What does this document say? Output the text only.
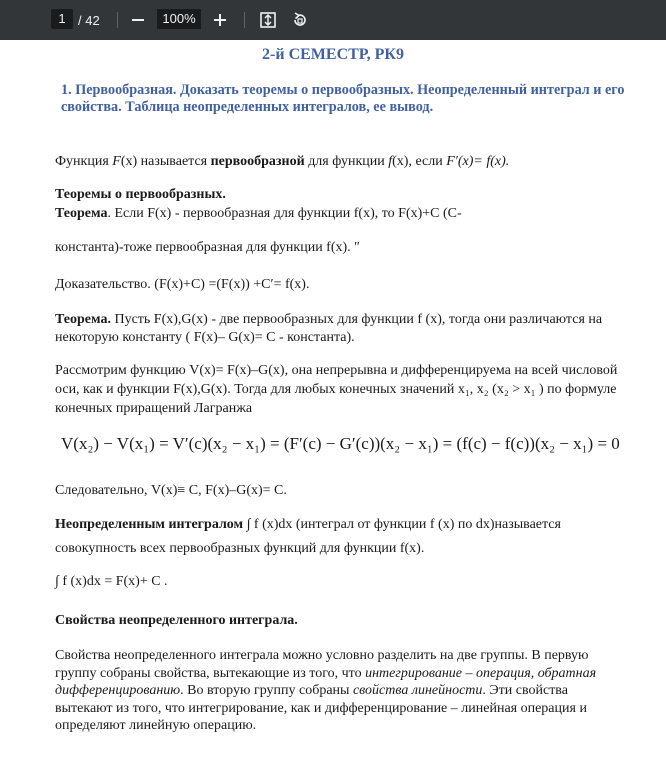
1 / 42	100%
2-й СЕМЕСТР, РК9
1. Первообразная. Доказать теоремы о первообразных. Неопределенный интеграл и его свойства. Таблица неопределенных интегралов, ее вывод.
Функция F(x) называется первообразной для функции f(x), если F′(x)= f(x).
Теоремы о первообразных.
Теорема. Если F(x) - первообразная для функции f(x), то F(x)+C (C-
константа)-тоже первообразная для функции f(x). ″
Доказательство. (F(x)+C) =(F(x)) +C′= f(x).
Теорема. Пусть F(x),G(x) - две первообразных для функции f (x), тогда они различаются на некоторую константу ( F(x)– G(x)= C - константа).
Рассмотрим функцию V(x)= F(x)–G(x), она непрерывна и дифференцируема на всей числовой оси, как и функции F(x),G(x). Тогда для любых конечных значений x₁, x₂ (x₂ > x₁ ) по формуле конечных приращений Лагранжа
V(x₂) − V(x₁) = V′(c)(x₂ − x₁) = (F′(c) − G′(c))(x₂ − x₁) = (f(c) − f(c))(x₂ − x₁) = 0
Следовательно, V(x)≡ C, F(x)–G(x)= C.
Неопределенным интегралом ∫ f (x)dx (интеграл от функции f (x) по dx)называется
совокупность всех первообразных функций для функции f(x).
∫ f (x)dx = F(x)+ C .
Свойства неопределенного интеграла.
Свойства неопределенного интеграла можно условно разделить на две группы. В первую группу собраны свойства, вытекающие из того, что интегрирование – операция, обратная дифференцированию. Во вторую группу собраны свойства линейности. Эти свойства вытекают из того, что интегрирование, как и дифференцирование – линейная операция и определяют линейную операцию.
